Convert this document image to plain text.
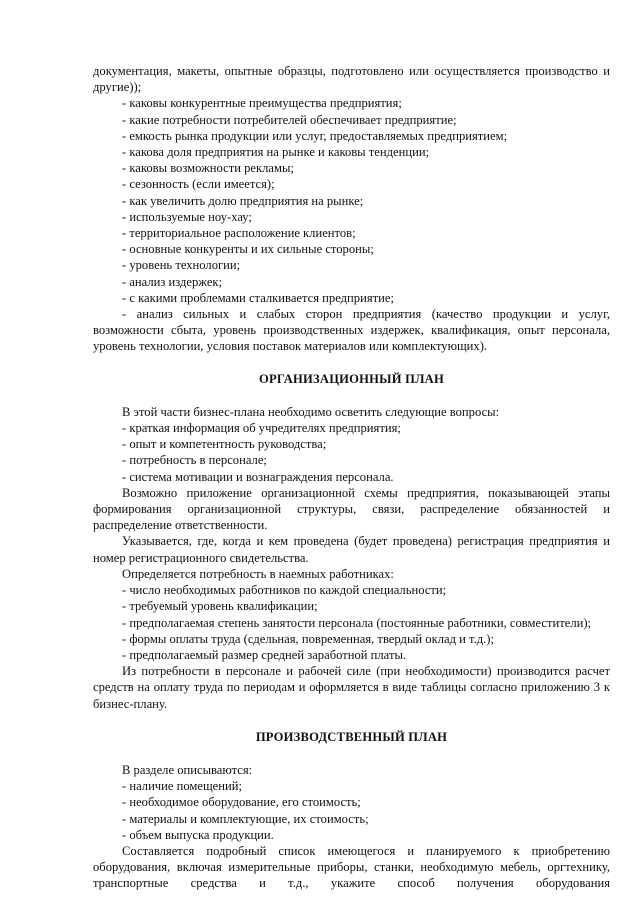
документация, макеты, опытные образцы, подготовлено или осуществляется производство и другие));

- каковы конкурентные преимущества предприятия;

- какие потребности потребителей обеспечивает предприятие;

- емкость рынка продукции или услуг, предоставляемых предприятием;

- какова доля предприятия на рынке и каковы тенденции;

- каковы возможности рекламы;

- сезонность (если имеется);

- как увеличить долю предприятия на рынке;

- используемые ноу-хау;

- территориальное расположение клиентов;

- основные конкуренты и их сильные стороны;

- уровень технологии;

- анализ издержек;

- с какими проблемами сталкивается предприятие;

- анализ сильных и слабых сторон предприятия (качество продукции и услуг, возможности сбыта, уровень производственных издержек, квалификация, опыт персонала, уровень технологии, условия поставок материалов или комплектующих).

ОРГАНИЗАЦИОННЫЙ ПЛАН

В этой части бизнес-плана необходимо осветить следующие вопросы:

- краткая информация об учредителях предприятия;

- опыт и компетентность руководства;

- потребность в персонале;

- система мотивации и вознаграждения персонала.

Возможно приложение организационной схемы предприятия, показывающей этапы формирования организационной структуры, связи, распределение обязанностей и распределение ответственности.

Указывается, где, когда и кем проведена (будет проведена) регистрация предприятия и номер регистрационного свидетельства.

Определяется потребность в наемных работниках:

- число необходимых работников по каждой специальности;

- требуемый уровень квалификации;

- предполагаемая степень занятости персонала (постоянные работники, совместители);

- формы оплаты труда (сдельная, повременная, твердый оклад и т.д.);

- предполагаемый размер средней заработной платы.

Из потребности в персонале и рабочей силе (при необходимости) производится расчет средств на оплату труда по периодам и оформляется в виде таблицы согласно приложению 3 к бизнес-плану.

ПРОИЗВОДСТВЕННЫЙ ПЛАН

В разделе описываются:

- наличие помещений;

- необходимое оборудование, его стоимость;

- материалы и комплектующие, их стоимость;

- объем выпуска продукции.

Составляется подробный список имеющегося и планируемого к приобретению оборудования, включая измерительные приборы, станки, необходимую мебель, оргтехнику, транспортные средства и т.д., укажите способ получения оборудования
